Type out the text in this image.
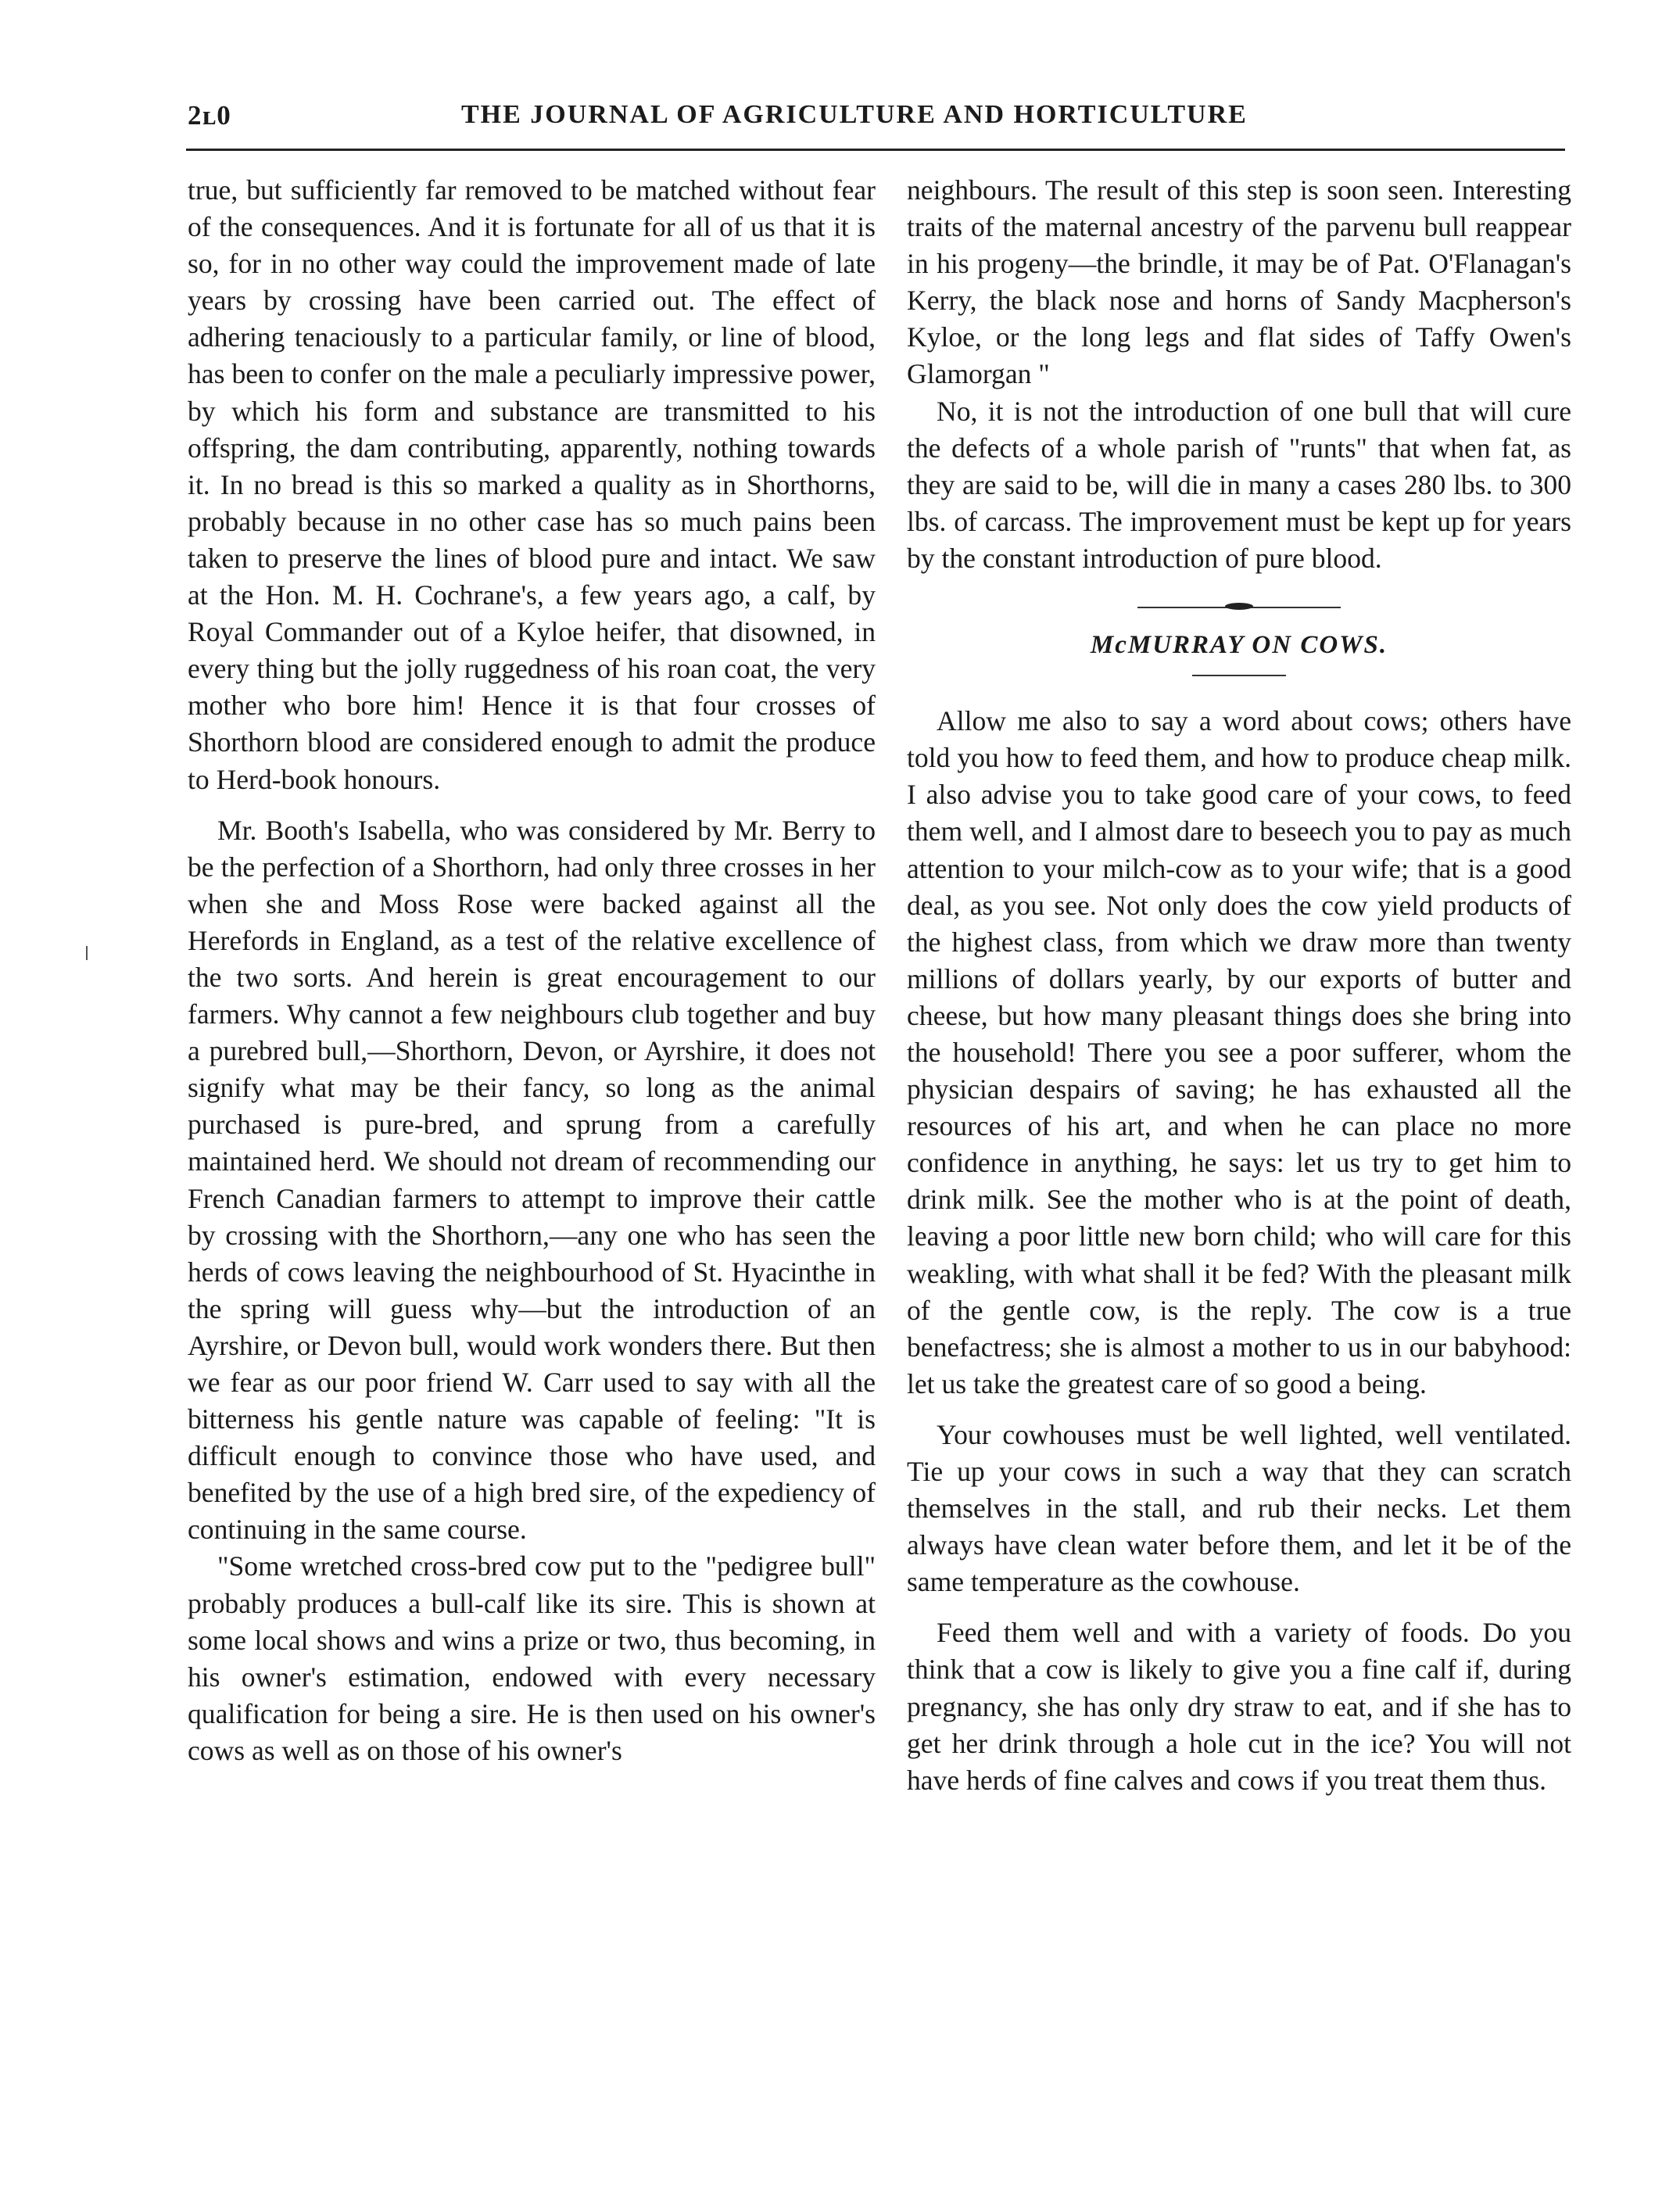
2ʟ0	THE JOURNAL OF AGRICULTURE AND HORTICULTURE

true, but sufficiently far removed to be matched without fear of the consequences. And it is fortunate for all of us that it is so, for in no other way could the improvement made of late years by crossing have been carried out. The effect of adhering tenaciously to a particular family, or line of blood, has been to confer on the male a peculiarly impressive power, by which his form and substance are transmitted to his offspring, the dam contributing, apparently, nothing towards it. In no bread is this so marked a quality as in Shorthorns, probably because in no other case has so much pains been taken to preserve the lines of blood pure and intact. We saw at the Hon. M. H. Cochrane's, a few years ago, a calf, by Royal Commander out of a Kyloe heifer, that disowned, in every thing but the jolly ruggedness of his roan coat, the very mother who bore him! Hence it is that four crosses of Shorthorn blood are considered enough to admit the produce to Herd-book honours.

Mr. Booth's Isabella, who was considered by Mr. Berry to be the perfection of a Shorthorn, had only three crosses in her when she and Moss Rose were backed against all the Herefords in England, as a test of the relative excellence of the two sorts. And herein is great encouragement to our farmers. Why cannot a few neighbours club together and buy a purebred bull,—Shorthorn, Devon, or Ayrshire, it does not signify what may be their fancy, so long as the animal purchased is pure-bred, and sprung from a carefully maintained herd. We should not dream of recommending our French Canadian farmers to attempt to improve their cattle by crossing with the Shorthorn,—any one who has seen the herds of cows leaving the neighbourhood of St. Hyacinthe in the spring will guess why—but the introduction of an Ayrshire, or Devon bull, would work wonders there. But then we fear as our poor friend W. Carr used to say with all the bitterness his gentle nature was capable of feeling: "It is difficult enough to convince those who have used, and benefited by the use of a high bred sire, of the expediency of continuing in the same course.

"Some wretched cross-bred cow put to the "pedigree bull" probably produces a bull-calf like its sire. This is shown at some local shows and wins a prize or two, thus becoming, in his owner's estimation, endowed with every necessary qualification for being a sire. He is then used on his owner's cows as well as on those of his owner's

neighbours. The result of this step is soon seen. Interesting traits of the maternal ancestry of the parvenu bull reappear in his progeny—the brindle, it may be of Pat. O'Flanagan's Kerry, the black nose and horns of Sandy Macpherson's Kyloe, or the long legs and flat sides of Taffy Owen's Glamorgan "

No, it is not the introduction of one bull that will cure the defects of a whole parish of "runts" that when fat, as they are said to be, will die in many a cases 280 lbs. to 300 lbs. of carcass. The improvement must be kept up for years by the constant introduction of pure blood.

McMURRAY ON COWS.

Allow me also to say a word about cows; others have told you how to feed them, and how to produce cheap milk. I also advise you to take good care of your cows, to feed them well, and I almost dare to beseech you to pay as much attention to your milch-cow as to your wife; that is a good deal, as you see. Not only does the cow yield products of the highest class, from which we draw more than twenty millions of dollars yearly, by our exports of butter and cheese, but how many pleasant things does she bring into the household! There you see a poor sufferer, whom the physician despairs of saving; he has exhausted all the resources of his art, and when he can place no more confidence in anything, he says: let us try to get him to drink milk. See the mother who is at the point of death, leaving a poor little new born child; who will care for this weakling, with what shall it be fed? With the pleasant milk of the gentle cow, is the reply. The cow is a true benefactress; she is almost a mother to us in our babyhood: let us take the greatest care of so good a being.

Your cowhouses must be well lighted, well ventilated. Tie up your cows in such a way that they can scratch themselves in the stall, and rub their necks. Let them always have clean water before them, and let it be of the same temperature as the cowhouse.

Feed them well and with a variety of foods. Do you think that a cow is likely to give you a fine calf if, during pregnancy, she has only dry straw to eat, and if she has to get her drink through a hole cut in the ice? You will not have herds of fine calves and cows if you treat them thus.
